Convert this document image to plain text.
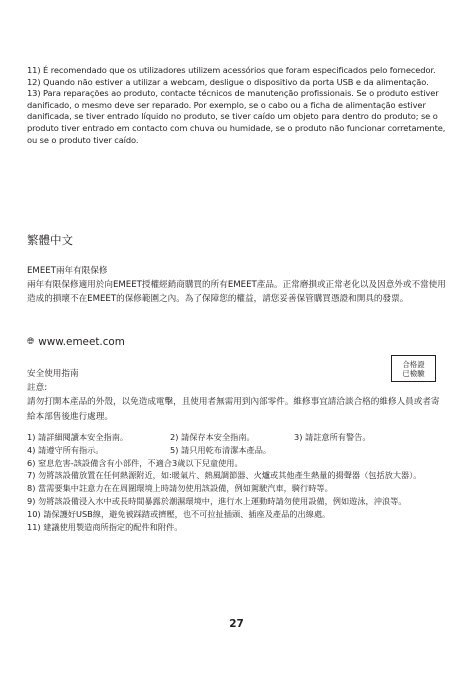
11) É recomendado que os utilizadores utilizem acessórios que foram especificados pelo fornecedor.

12) Quando não estiver a utilizar a webcam, desligue o dispositivo da porta USB e da alimentação.

13) Para reparações ao produto, contacte técnicos de manutenção profissionais. Se o produto estiver danificado, o mesmo deve ser reparado. Por exemplo, se o cabo ou a ficha de alimentação estiver danificada, se tiver entrado líquido no produto, se tiver caído um objeto para dentro do produto; se o produto tiver entrado em contacto com chuva ou humidade, se o produto não funcionar corretamente, ou se o produto tiver caído.

繁體中文

EMEET兩年有限保修

兩年有限保修適用於向EMEET授權經銷商購買的所有EMEET產品。正常磨損或正常老化以及因意外或不當使用造成的損壞不在EMEET的保修範圍之內。為了保障您的權益，請您妥善保管購買憑證和開具的發票。

🌐︎ www.emeet.com
合格證
已檢驗

安全使用指南

註意:

請勿打開本產品的外殼，以免造成電擊，且使用者無需用到內部零件。維修事宜請洽談合格的維修人員或者寄給本部售後進行處理。

1) 請詳細閱讀本安全指南。	2) 請保存本安全指南。	3) 請註意所有警告。
4) 請遵守所有指示。	5) 請只用乾布清潔本產品。

6) 窒息危害-該設備含有小部件，不適合3歲以下兒童使用。

7) 勿將該設備放置在任何熱源附近，如:暖氣片、熱風調節器、火爐或其他產生熱量的揚聲器（包括放大器）。

8) 當需要集中註意力在在周圍環境上時請勿使用該設備，例如駕駛汽車，騎行時等。

9) 勿將該設備浸入水中或長時間暴露於潮濕環境中，進行水上運動時請勿使用設備，例如遊泳，沖浪等。

10) 請保護好USB線，避免被踩踏或擠壓，也不可拉扯插頭、插座及產品的出線處。

11) 建議使用製造商所指定的配件和附件。

27
